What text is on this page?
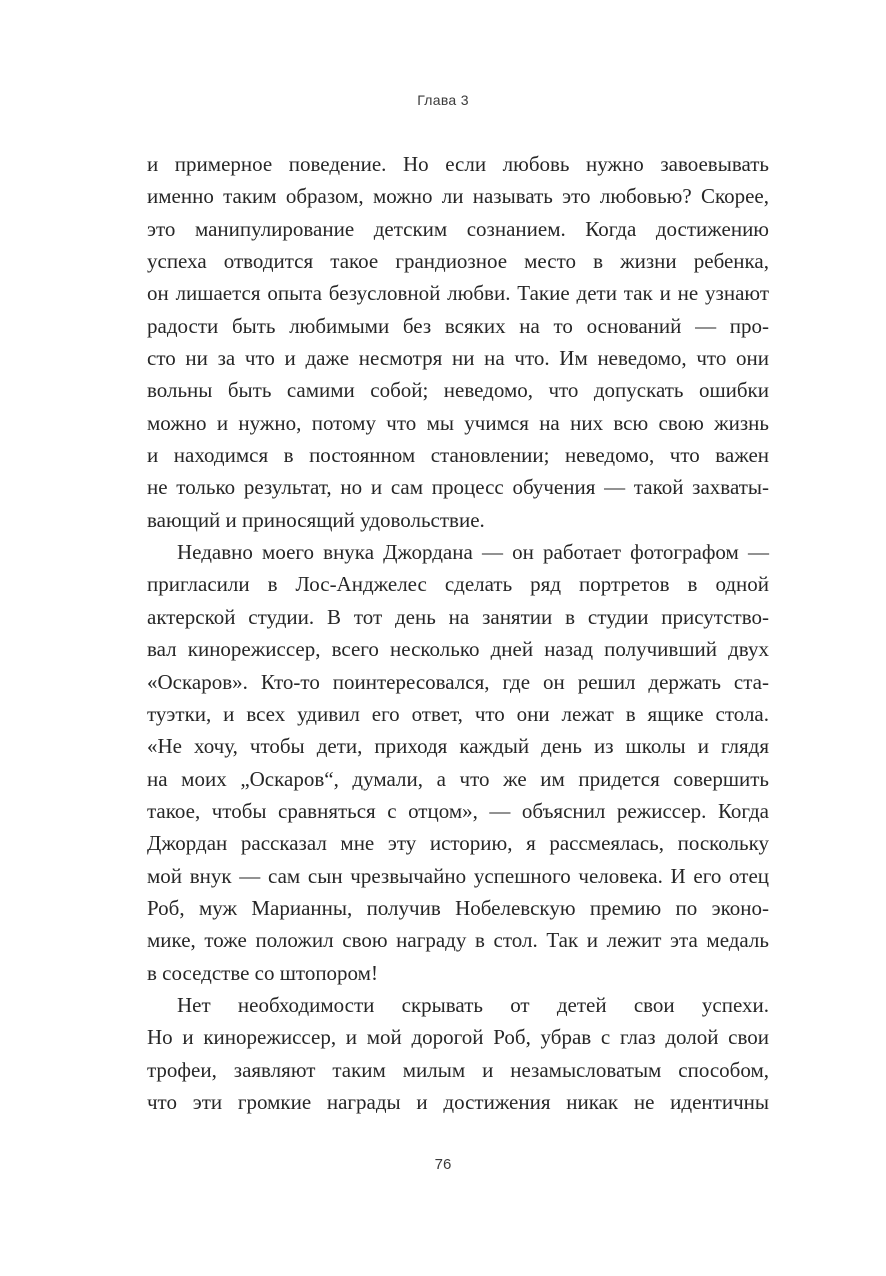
Глава 3

и примерное поведение. Но если любовь нужно завоевывать
именно таким образом, можно ли называть это любовью? Скорее,
это манипулирование детским сознанием. Когда достижению
успеха отводится такое грандиозное место в жизни ребенка,
он лишается опыта безусловной любви. Такие дети так и не узнают
радости быть любимыми без всяких на то оснований — про-
сто ни за что и даже несмотря ни на что. Им неведомо, что они
вольны быть самими собой; неведомо, что допускать ошибки
можно и нужно, потому что мы учимся на них всю свою жизнь
и находимся в постоянном становлении; неведомо, что важен
не только результат, но и сам процесс обучения — такой захваты-
вающий и приносящий удовольствие.

Недавно моего внука Джордана — он работает фотографом —
пригласили в Лос-Анджелес сделать ряд портретов в одной
актерской студии. В тот день на занятии в студии присутство-
вал кинорежиссер, всего несколько дней назад получивший двух
«Оскаров». Кто-то поинтересовался, где он решил держать ста-
туэтки, и всех удивил его ответ, что они лежат в ящике стола.
«Не хочу, чтобы дети, приходя каждый день из школы и глядя
на моих „Оскаров“, думали, а что же им придется совершить
такое, чтобы сравняться с отцом», — объяснил режиссер. Когда
Джордан рассказал мне эту историю, я рассмеялась, поскольку
мой внук — сам сын чрезвычайно успешного человека. И его отец
Роб, муж Марианны, получив Нобелевскую премию по эконо-
мике, тоже положил свою награду в стол. Так и лежит эта медаль
в соседстве со штопором!

Нет необходимости скрывать от детей свои успехи.
Но и кинорежиссер, и мой дорогой Роб, убрав с глаз долой свои
трофеи, заявляют таким милым и незамысловатым способом,
что эти громкие награды и достижения никак не идентичны

76
